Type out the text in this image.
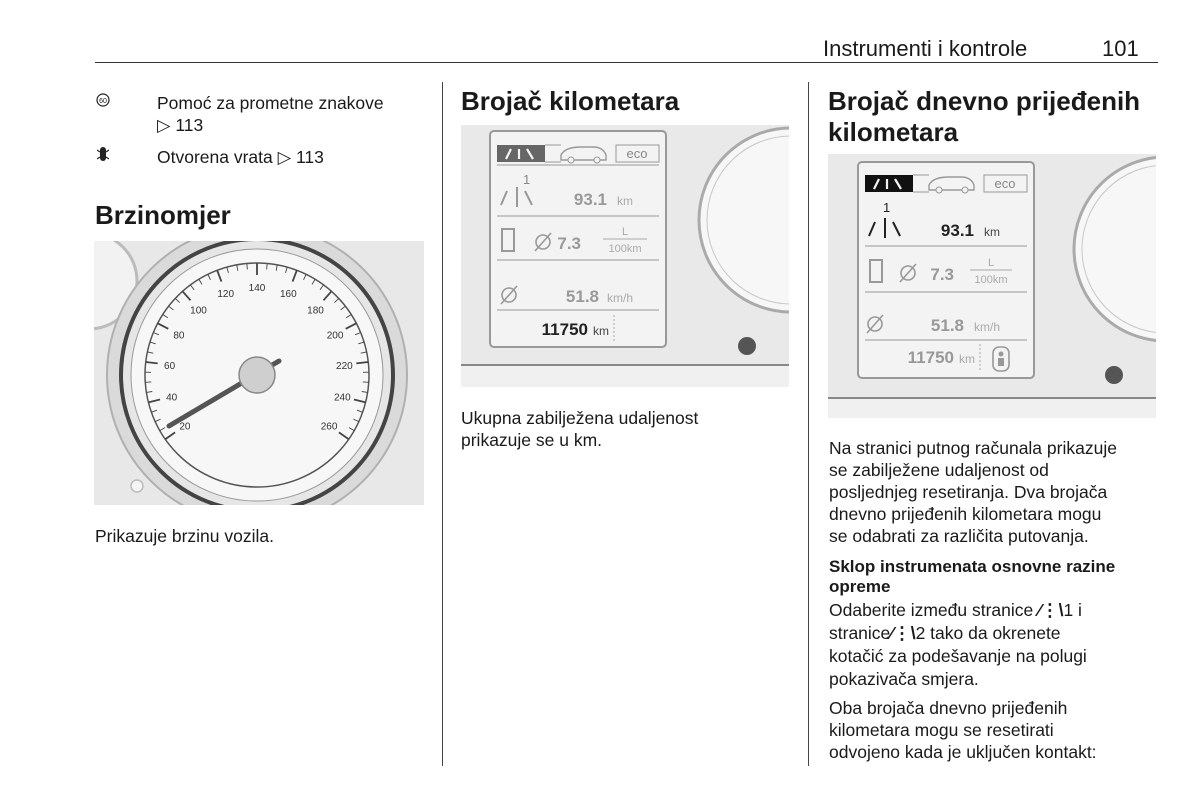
Instrumenti i kontrole	101
60	Pomoć za prometne znakove
▷ 113
Otvorena vrata ▷ 113
Brzinomjer
20
40
60
80
100
120
140
160
180
200
220
240
260
Prikazuje brzinu vozila.
Brojač kilometara
eco
1
93.1 km
7.3
L
100km
51.8 km/h
11750 km
Ukupna zabilježena udaljenost
prikazuje se u km.
Brojač dnevno prijeđenih
kilometara
eco
1
93.1 km
7.3
L
100km
51.8 km/h
11750 km
Na stranici putnog računala prikazuje
se zabilježene udaljenost od
posljednjeg resetiranja. Dva brojača
dnevno prijeđenih kilometara mogu
se odabrati za različita putovanja.
Sklop instrumenata osnovne razine
opreme
Odaberite između stranice ⁄⋮\1 i
stranice⁄⋮\2 tako da okrenete
kotačić za podešavanje na polugi
pokazivača smjera.
Oba brojača dnevno prijeđenih
kilometara mogu se resetirati
odvojeno kada je uključen kontakt:
